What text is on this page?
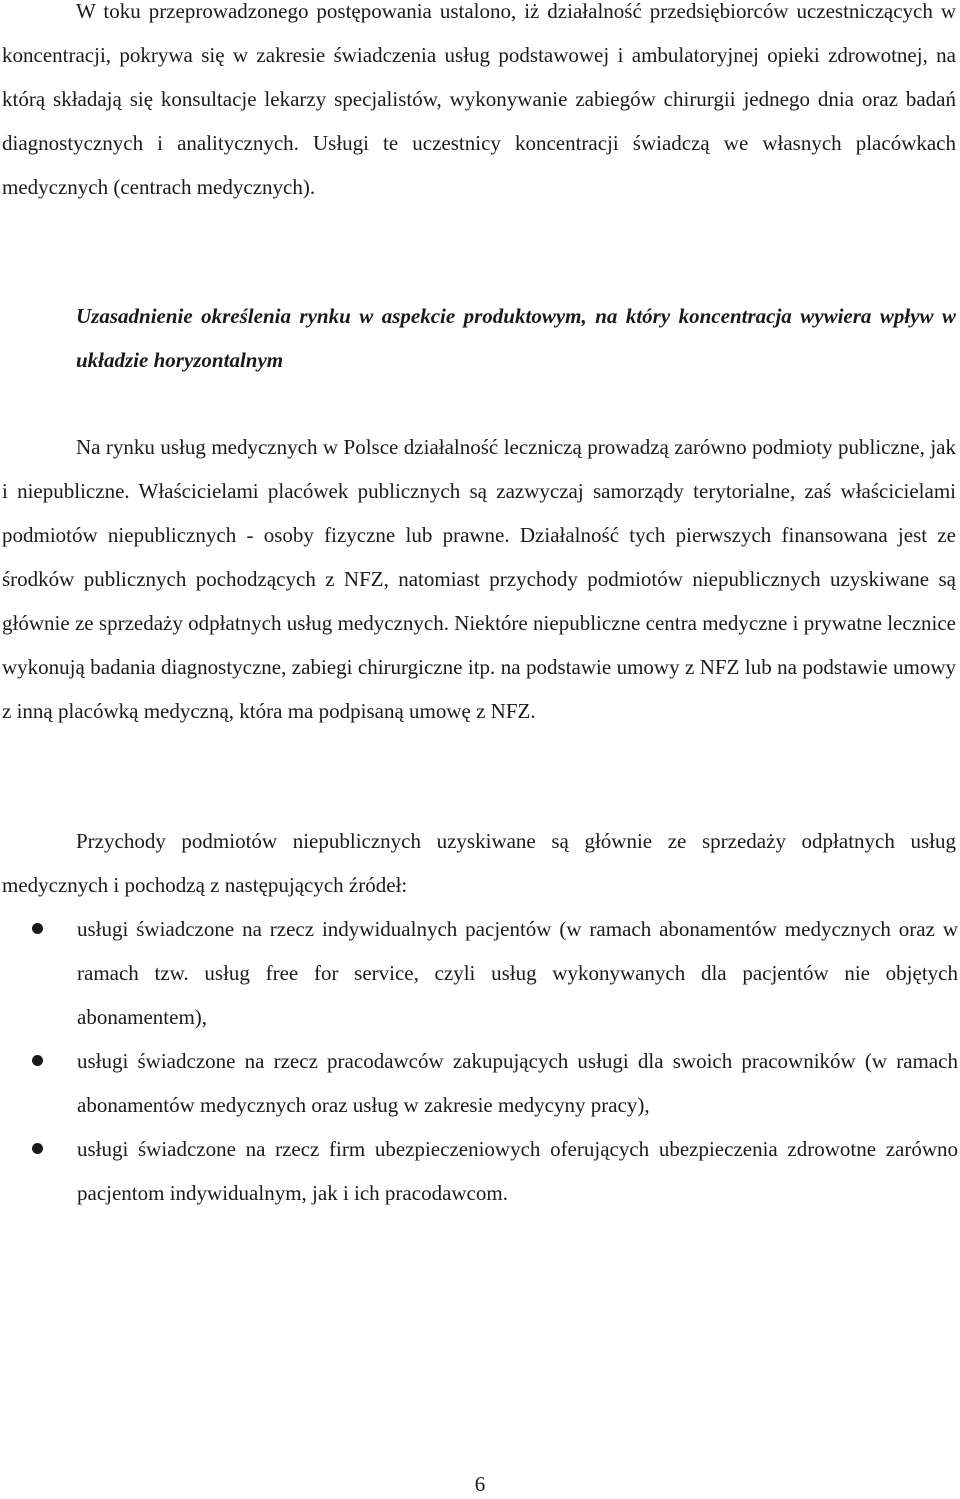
W toku przeprowadzonego postępowania ustalono, iż działalność przedsiębiorców uczestniczących w koncentracji, pokrywa się w zakresie świadczenia usług podstawowej i ambulatoryjnej opieki zdrowotnej, na którą składają się konsultacje lekarzy specjalistów, wykonywanie zabiegów chirurgii jednego dnia oraz badań diagnostycznych i analitycznych. Usługi te uczestnicy koncentracji świadczą we własnych placówkach medycznych (centrach medycznych).

Uzasadnienie określenia rynku w aspekcie produktowym, na który koncentracja wywiera wpływ w układzie horyzontalnym

Na rynku usług medycznych w Polsce działalność leczniczą prowadzą zarówno podmioty publiczne, jak i niepubliczne. Właścicielami placówek publicznych są zazwyczaj samorządy terytorialne, zaś właścicielami podmiotów niepublicznych - osoby fizyczne lub prawne. Działalność tych pierwszych finansowana jest ze środków publicznych pochodzących z NFZ, natomiast przychody podmiotów niepublicznych uzyskiwane są głównie ze sprzedaży odpłatnych usług medycznych. Niektóre niepubliczne centra medyczne i prywatne lecznice wykonują badania diagnostyczne, zabiegi chirurgiczne itp. na podstawie umowy z NFZ lub na podstawie umowy z inną placówką medyczną, która ma podpisaną umowę z NFZ.

Przychody podmiotów niepublicznych uzyskiwane są głównie ze sprzedaży odpłatnych usług medycznych i pochodzą z następujących źródeł:

usługi świadczone na rzecz indywidualnych pacjentów (w ramach abonamentów medycznych oraz w ramach tzw. usług free for service, czyli usług wykonywanych dla pacjentów nie objętych abonamentem),
usługi świadczone na rzecz pracodawców zakupujących usługi dla swoich pracowników (w ramach abonamentów medycznych oraz usług w zakresie medycyny pracy),
usługi świadczone na rzecz firm ubezpieczeniowych oferujących ubezpieczenia zdrowotne zarówno pacjentom indywidualnym, jak i ich pracodawcom.
6
